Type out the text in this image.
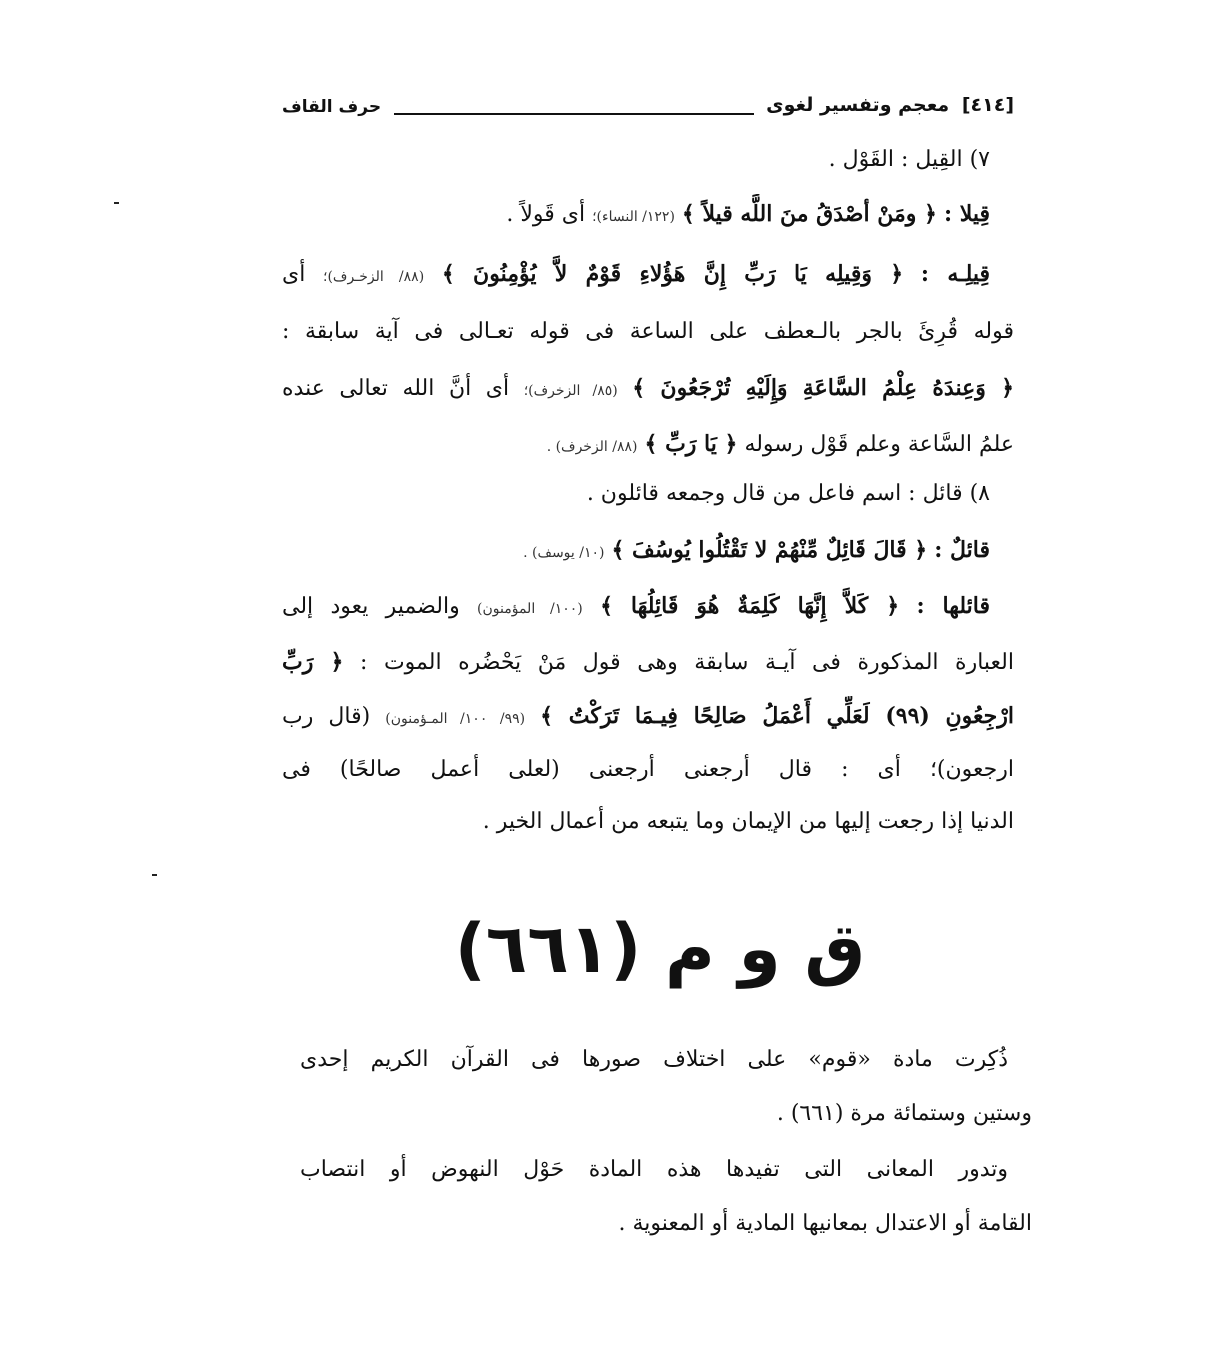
[٤١٤] معجم وتفسير لغوى
حرف القاف
٧) القِيل : القَوْل .
قِيلا : ﴿ ومَنْ أصْدَقُ منَ اللَّه قيلاً ﴾ (١٢٢/ النساء)؛ أى قَولاً .
قِيلِـه : ﴿ وَقِيلِه يَا رَبِّ إِنَّ هَؤُلاءِ قَوْمٌ لاَّ يُؤْمِنُونَ ﴾ (٨٨/ الزخـرف)؛ أى
قوله قُرِئَ بالجر بالـعطف على الساعة فى قوله تعـالى فى آية سابقة :
﴿ وَعِندَهُ عِلْمُ السَّاعَةِ وَإِلَيْهِ تُرْجَعُونَ ﴾ (٨٥/ الزخرف)؛ أى أنَّ الله تعالى عنده
علمُ السَّاعة وعلم قَوْل رسوله ﴿ يَا رَبِّ ﴾ (٨٨/ الزخرف) .
٨) قائل : اسم فاعل من قال وجمعه قائلون .
قائلٌ : ﴿ قَالَ قَائِلٌ مِّنْهُمْ لا تَقْتُلُوا يُوسُفَ ﴾ (١٠/ يوسف) .
قائلها : ﴿ كَلاَّ إِنَّهَا كَلِمَةٌ هُوَ قَائِلُهَا ﴾ (١٠٠/ المؤمنون) والضمير يعود إلى
العبارة المذكورة فى آيـة سابقة وهى قول مَنْ يَحْضُره الموت : ﴿ رَبِّ
ارْجِعُونِ (٩٩) لَعَلِّي أَعْمَلُ صَالِحًا فِيـمَا تَرَكْتُ ﴾ (٩٩/ ١٠٠/ المـؤمنون) (قال رب
ارجعون)؛ أى : قال أرجعنى أرجعنى (لعلى أعمل صالحًا) فى
الدنيا إذا رجعت إليها من الإيمان وما يتبعه من أعمال الخير .
ق و م (٦٦١)
ذُكِرت مادة «قوم» على اختلاف صورها فى القرآن الكريم إحدى
وستين وستمائة مرة (٦٦١) .
وتدور المعانى التى تفيدها هذه المادة حَوْل النهوض أو انتصاب
القامة أو الاعتدال بمعانيها المادية أو المعنوية .
